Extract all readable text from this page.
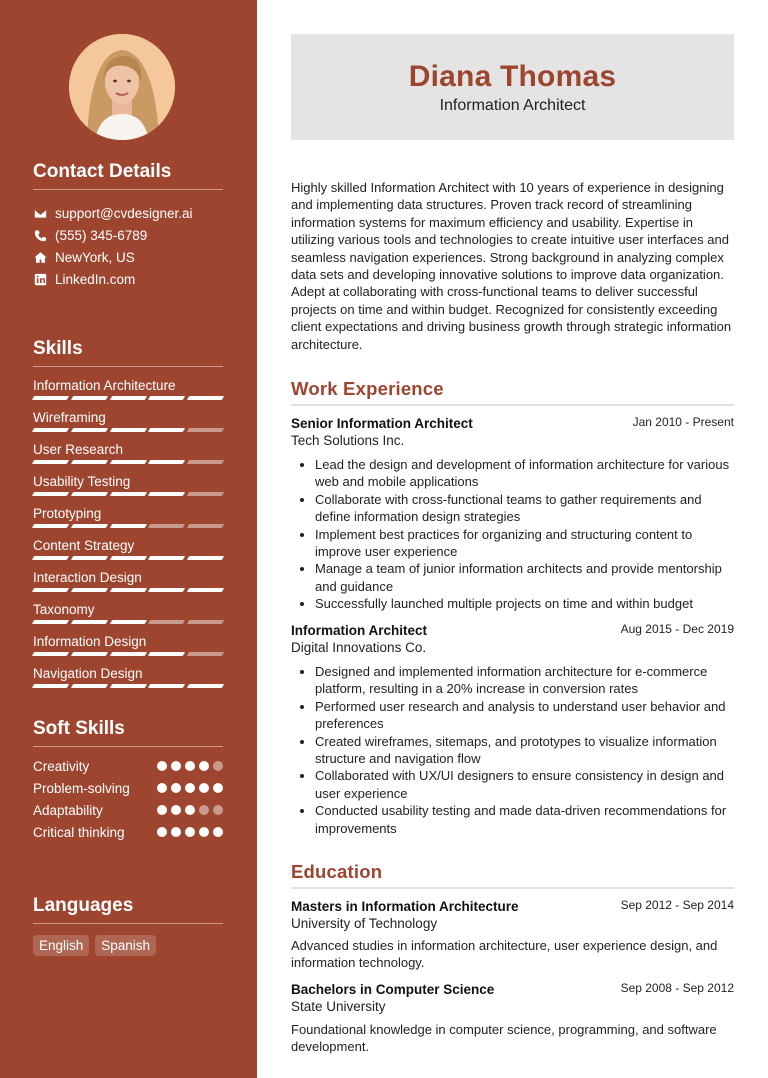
Contact Details
support@cvdesigner.ai
(555) 345-6789
NewYork, US
LinkedIn.com
Skills
Information Architecture
Wireframing
User Research
Usability Testing
Prototyping
Content Strategy
Interaction Design
Taxonomy
Information Design
Navigation Design
Soft Skills
Creativity
Problem-solving
Adaptability
Critical thinking
Languages
English	Spanish
Diana Thomas
Information Architect
Highly skilled Information Architect with 10 years of experience in designing and implementing data structures. Proven track record of streamlining information systems for maximum efficiency and usability. Expertise in utilizing various tools and technologies to create intuitive user interfaces and seamless navigation experiences. Strong background in analyzing complex data sets and developing innovative solutions to improve data organization. Adept at collaborating with cross-functional teams to deliver successful projects on time and within budget. Recognized for consistently exceeding client expectations and driving business growth through strategic information architecture.
Work Experience
Senior Information Architect	Jan 2010 - Present
Tech Solutions Inc.
• Lead the design and development of information architecture for various web and mobile applications
• Collaborate with cross-functional teams to gather requirements and define information design strategies
• Implement best practices for organizing and structuring content to improve user experience
• Manage a team of junior information architects and provide mentorship and guidance
• Successfully launched multiple projects on time and within budget
Information Architect	Aug 2015 - Dec 2019
Digital Innovations Co.
• Designed and implemented information architecture for e-commerce platform, resulting in a 20% increase in conversion rates
• Performed user research and analysis to understand user behavior and preferences
• Created wireframes, sitemaps, and prototypes to visualize information structure and navigation flow
• Collaborated with UX/UI designers to ensure consistency in design and user experience
• Conducted usability testing and made data-driven recommendations for improvements
Education
Masters in Information Architecture	Sep 2012 - Sep 2014
University of Technology
Advanced studies in information architecture, user experience design, and information technology.
Bachelors in Computer Science	Sep 2008 - Sep 2012
State University
Foundational knowledge in computer science, programming, and software development.
